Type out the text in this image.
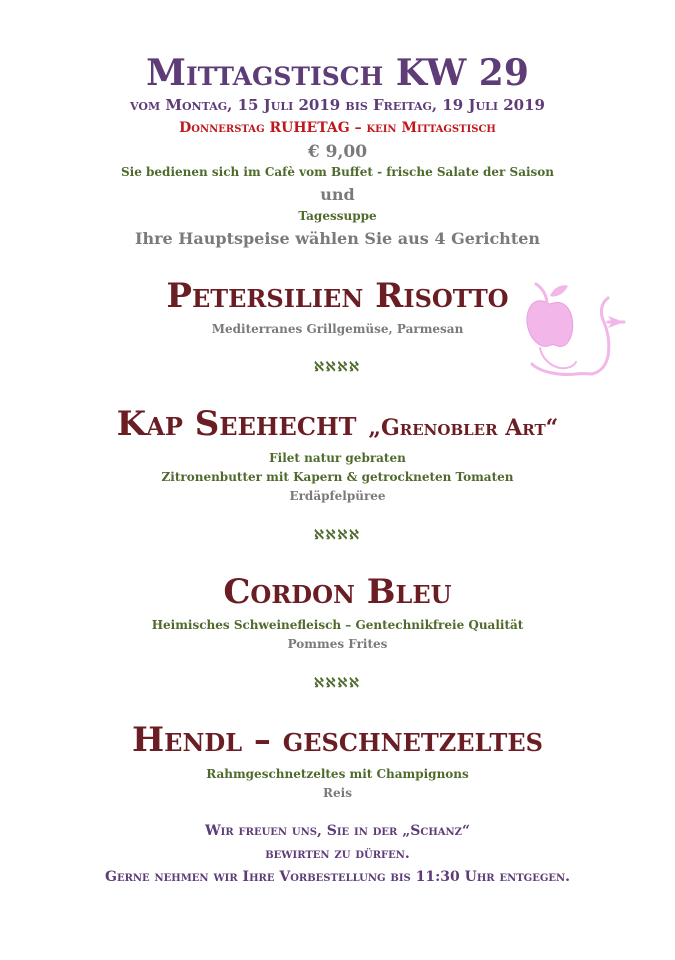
Mittagstisch KW 29
vom Montag, 15 Juli 2019 bis Freitag, 19 Juli 2019
Donnerstag RUHETAG – kein Mittagstisch
€ 9,00
Sie bedienen sich im Cafè vom Buffet - frische Salate der Saison
und
Tagessuppe
Ihre Hauptspeise wählen Sie aus 4 Gerichten
Petersilien Risotto
Mediterranes Grillgemüse, Parmesan
ℵℵℵℵ
Kap Seehecht „Grenobler Art“
Filet natur gebraten
Zitronenbutter mit Kapern & getrockneten Tomaten
Erdäpfelpüree
ℵℵℵℵ
Cordon Bleu
Heimisches Schweinefleisch – Gentechnikfreie Qualität
Pommes Frites
ℵℵℵℵ
Hendl – geschnetzeltes
Rahmgeschnetzeltes mit Champignons
Reis
Wir freuen uns, Sie in der „Schanz“
bewirten zu dürfen.
Gerne nehmen wir Ihre Vorbestellung bis 11:30 Uhr entgegen.
